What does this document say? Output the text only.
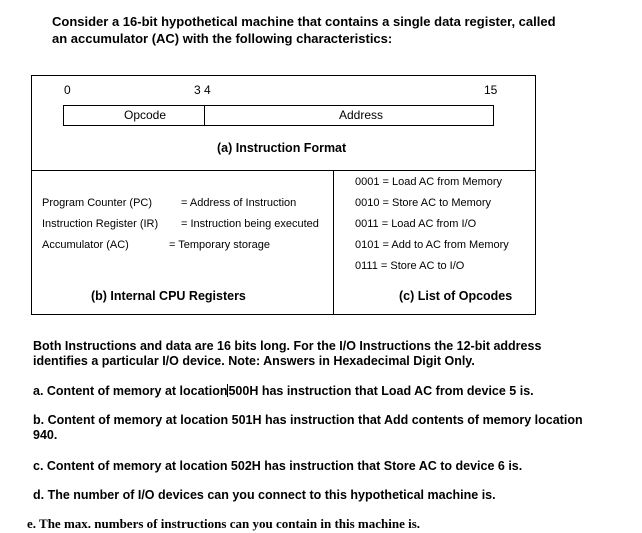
Consider a 16-bit hypothetical machine that contains a single data register, called
an accumulator (AC) with the following characteristics:
0	3 4	15
Opcode	Address
(a) Instruction Format
Program Counter (PC)	= Address of Instruction
Instruction Register (IR) = Instruction being executed
Accumulator (AC)	= Temporary storage
(b) Internal CPU Registers
0001 = Load AC from Memory
0010 = Store AC to Memory
0011 = Load AC from I/O
0101 = Add to AC from Memory
0111 = Store AC to I/O
(c) List of Opcodes
Both Instructions and data are 16 bits long. For the I/O Instructions the 12-bit address
identifies a particular I/O device. Note: Answers in Hexadecimal Digit Only.
a. Content of memory at location500H has instruction that Load AC from device 5 is.
b. Content of memory at location 501H has instruction that Add contents of memory location
940.
c. Content of memory at location 502H has instruction that Store AC to device 6 is.
d. The number of I/O devices can you connect to this hypothetical machine is.
e. The max. numbers of instructions can you contain in this machine is.
